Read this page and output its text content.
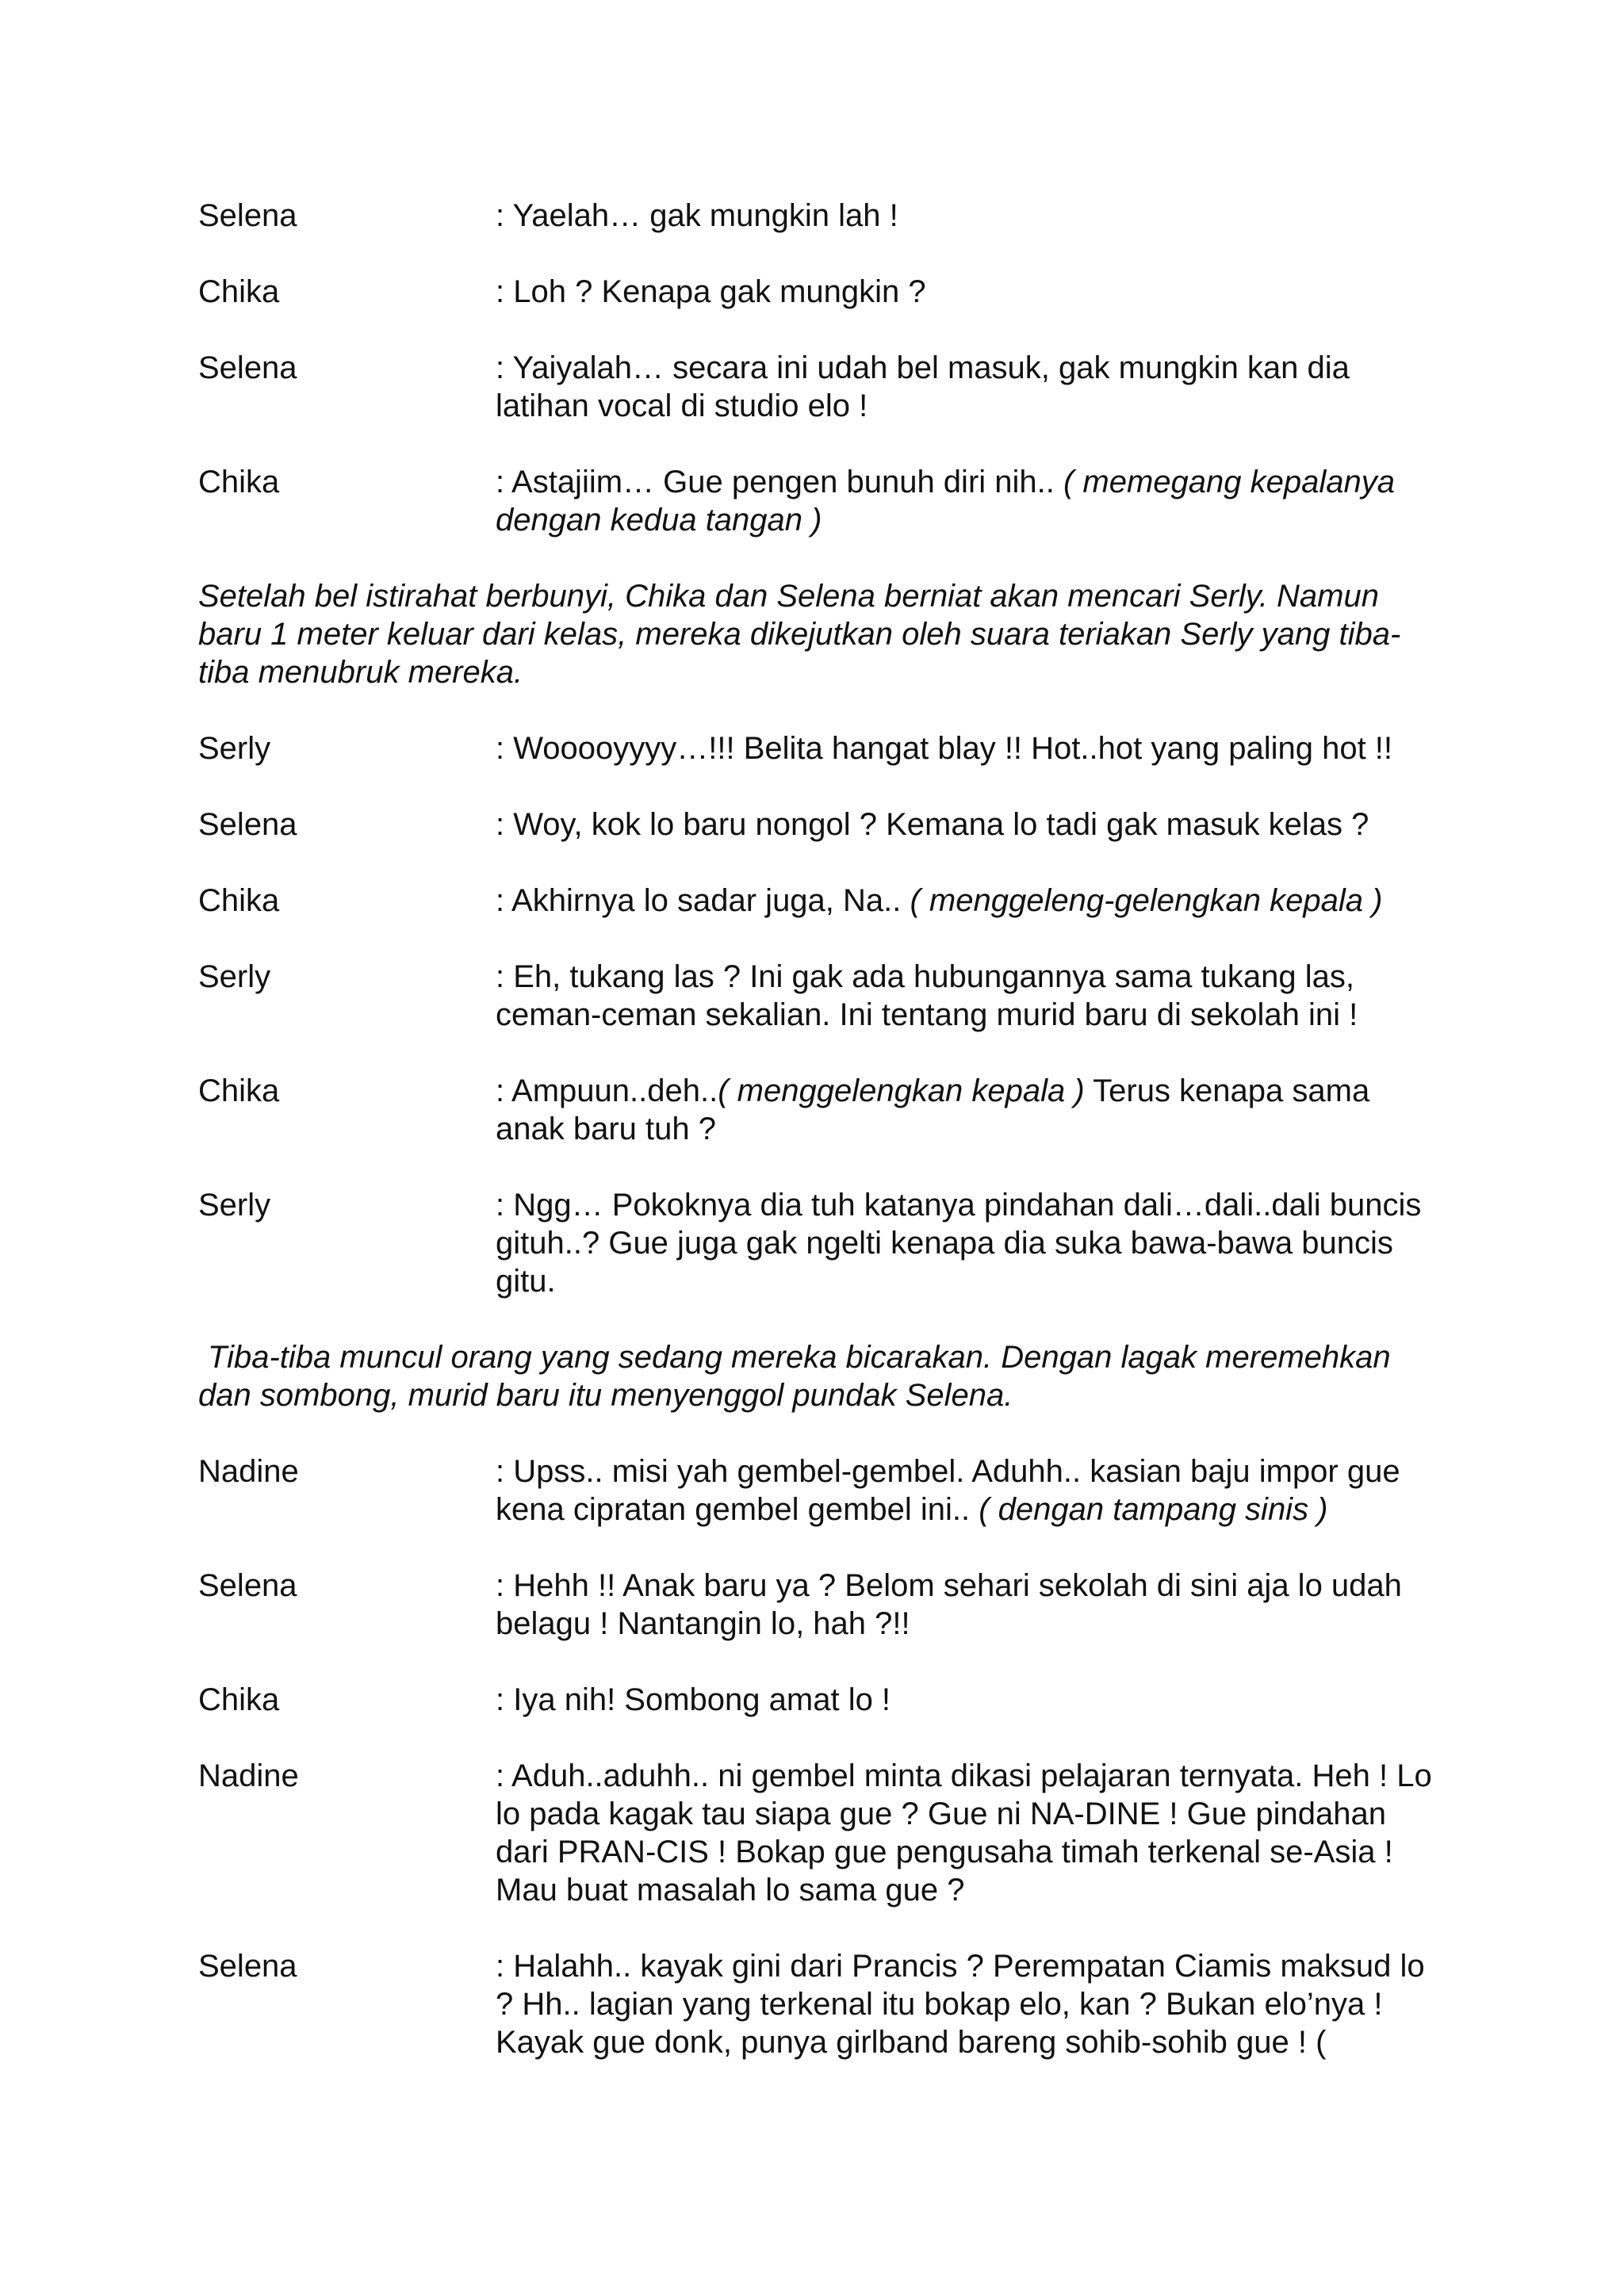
Selena	: Yaelah… gak mungkin lah !
Chika	: Loh ? Kenapa gak mungkin ?
Selena	: Yaiyalah… secara ini udah bel masuk, gak mungkin kan dia latihan vocal di studio elo !
Chika	: Astajiim… Gue pengen bunuh diri nih.. ( memegang kepalanya dengan kedua tangan )
Setelah bel istirahat berbunyi, Chika dan Selena berniat akan mencari Serly. Namun baru 1 meter keluar dari kelas, mereka dikejutkan oleh suara teriakan Serly yang tiba-tiba menubruk mereka.
Serly	: Wooooyyyy…!!! Belita hangat blay !! Hot..hot yang paling hot !!
Selena	: Woy, kok lo baru nongol ? Kemana lo tadi gak masuk kelas ?
Chika	: Akhirnya lo sadar juga, Na.. ( menggeleng-gelengkan kepala )
Serly	: Eh, tukang las ? Ini gak ada hubungannya sama tukang las, ceman-ceman sekalian. Ini tentang murid baru di sekolah ini !
Chika	: Ampuun..deh..( menggelengkan kepala ) Terus kenapa sama anak baru tuh ?
Serly	: Ngg… Pokoknya dia tuh katanya pindahan dali…dali..dali buncis gituh..? Gue juga gak ngelti kenapa dia suka bawa-bawa buncis gitu.
Tiba-tiba muncul orang yang sedang mereka bicarakan. Dengan lagak meremehkan dan sombong, murid baru itu menyenggol pundak Selena.
Nadine	: Upss.. misi yah gembel-gembel. Aduhh.. kasian baju impor gue kena cipratan gembel gembel ini.. ( dengan tampang sinis )
Selena	: Hehh !! Anak baru ya ? Belom sehari sekolah di sini aja lo udah belagu ! Nantangin lo, hah ?!!
Chika	: Iya nih! Sombong amat lo !
Nadine	: Aduh..aduhh.. ni gembel minta dikasi pelajaran ternyata. Heh ! Lo lo pada kagak tau siapa gue ? Gue ni NA-DINE ! Gue pindahan dari PRAN-CIS ! Bokap gue pengusaha timah terkenal se-Asia ! Mau buat masalah lo sama gue ?
Selena	: Halahh.. kayak gini dari Prancis ? Perempatan Ciamis maksud lo ? Hh.. lagian yang terkenal itu bokap elo, kan ? Bukan elo’nya ! Kayak gue donk, punya girlband bareng sohib-sohib gue ! (
